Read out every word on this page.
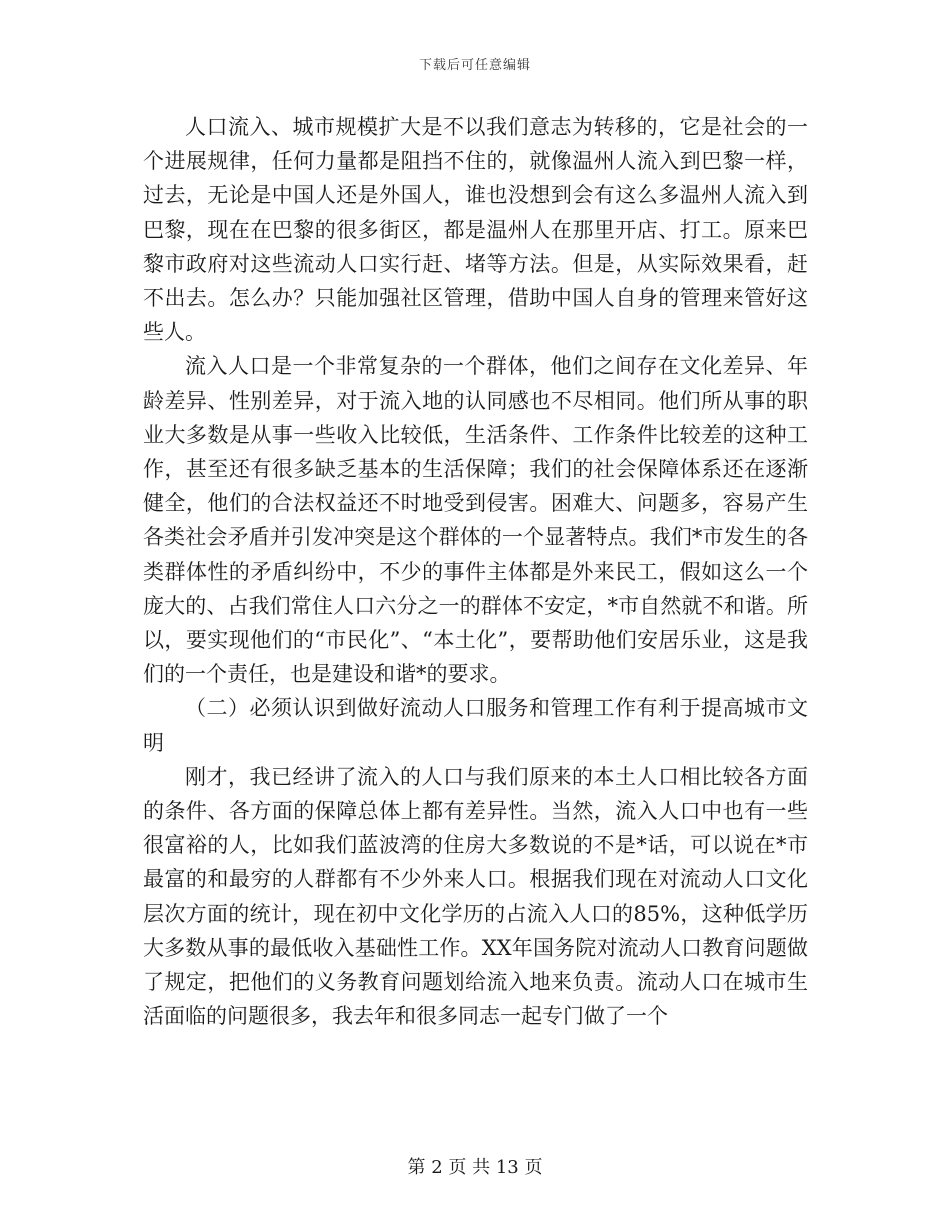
下载后可任意编辑

人口流入、城市规模扩大是不以我们意志为转移的，它是社会的一个进展规律，任何力量都是阻挡不住的，就像温州人流入到巴黎一样，过去，无论是中国人还是外国人，谁也没想到会有这么多温州人流入到巴黎，现在在巴黎的很多街区，都是温州人在那里开店、打工。原来巴黎市政府对这些流动人口实行赶、堵等方法。但是，从实际效果看，赶不出去。怎么办？只能加强社区管理，借助中国人自身的管理来管好这些人。

流入人口是一个非常复杂的一个群体，他们之间存在文化差异、年龄差异、性别差异，对于流入地的认同感也不尽相同。他们所从事的职业大多数是从事一些收入比较低，生活条件、工作条件比较差的这种工作，甚至还有很多缺乏基本的生活保障；我们的社会保障体系还在逐渐健全，他们的合法权益还不时地受到侵害。困难大、问题多，容易产生各类社会矛盾并引发冲突是这个群体的一个显著特点。我们*市发生的各类群体性的矛盾纠纷中，不少的事件主体都是外来民工，假如这么一个庞大的、占我们常住人口六分之一的群体不安定，*市自然就不和谐。所以，要实现他们的“市民化”、“本土化”，要帮助他们安居乐业，这是我们的一个责任，也是建设和谐*的要求。

（二）必须认识到做好流动人口服务和管理工作有利于提高城市文明

刚才，我已经讲了流入的人口与我们原来的本土人口相比较各方面的条件、各方面的保障总体上都有差异性。当然，流入人口中也有一些很富裕的人，比如我们蓝波湾的住房大多数说的不是*话，可以说在*市最富的和最穷的人群都有不少外来人口。根据我们现在对流动人口文化层次方面的统计，现在初中文化学历的占流入人口的85%，这种低学历大多数从事的最低收入基础性工作。XX年国务院对流动人口教育问题做了规定，把他们的义务教育问题划给流入地来负责。流动人口在城市生活面临的问题很多，我去年和很多同志一起专门做了一个

第 2 页 共 13 页
